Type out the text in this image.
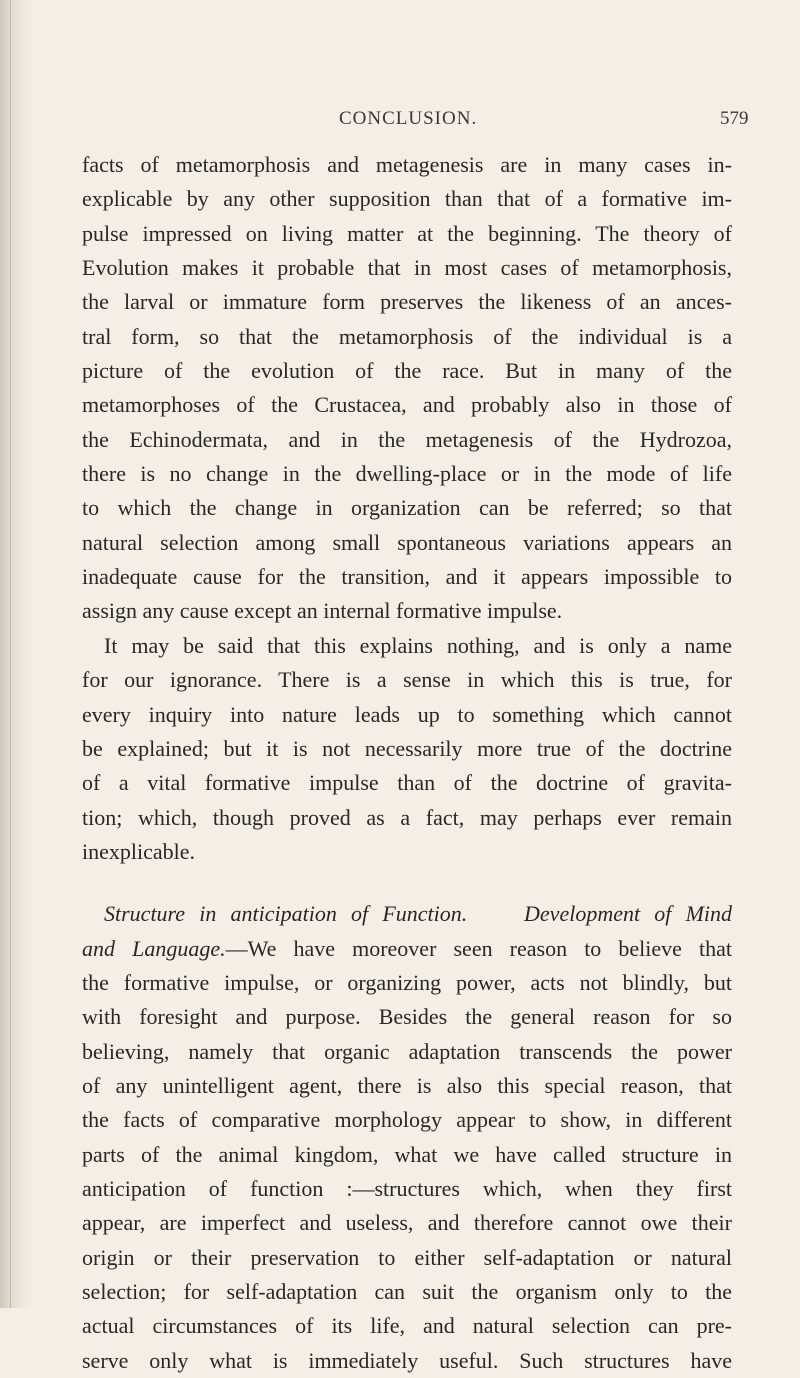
CONCLUSION.	579
facts of metamorphosis and metagenesis are in many cases in-
explicable by any other supposition than that of a formative im-
pulse impressed on living matter at the beginning. The theory of
Evolution makes it probable that in most cases of metamorphosis,
the larval or immature form preserves the likeness of an ances-
tral form, so that the metamorphosis of the individual is a
picture of the evolution of the race. But in many of the
metamorphoses of the Crustacea, and probably also in those of
the Echinodermata, and in the metagenesis of the Hydrozoa,
there is no change in the dwelling-place or in the mode of life
to which the change in organization can be referred; so that
natural selection among small spontaneous variations appears an
inadequate cause for the transition, and it appears impossible to
assign any cause except an internal formative impulse.
It may be said that this explains nothing, and is only a name
for our ignorance. There is a sense in which this is true, for
every inquiry into nature leads up to something which cannot
be explained; but it is not necessarily more true of the doctrine
of a vital formative impulse than of the doctrine of gravita-
tion; which, though proved as a fact, may perhaps ever remain
inexplicable.
Structure in anticipation of Function.	Development of Mind
and Language.—We have moreover seen reason to believe that
the formative impulse, or organizing power, acts not blindly, but
with foresight and purpose. Besides the general reason for so
believing, namely that organic adaptation transcends the power
of any unintelligent agent, there is also this special reason, that
the facts of comparative morphology appear to show, in different
parts of the animal kingdom, what we have called structure in
anticipation of function :—structures which, when they first
appear, are imperfect and useless, and therefore cannot owe their
origin or their preservation to either self-adaptation or natural
selection; for self-adaptation can suit the organism only to the
actual circumstances of its life, and natural selection can pre-
serve only what is immediately useful. Such structures have
